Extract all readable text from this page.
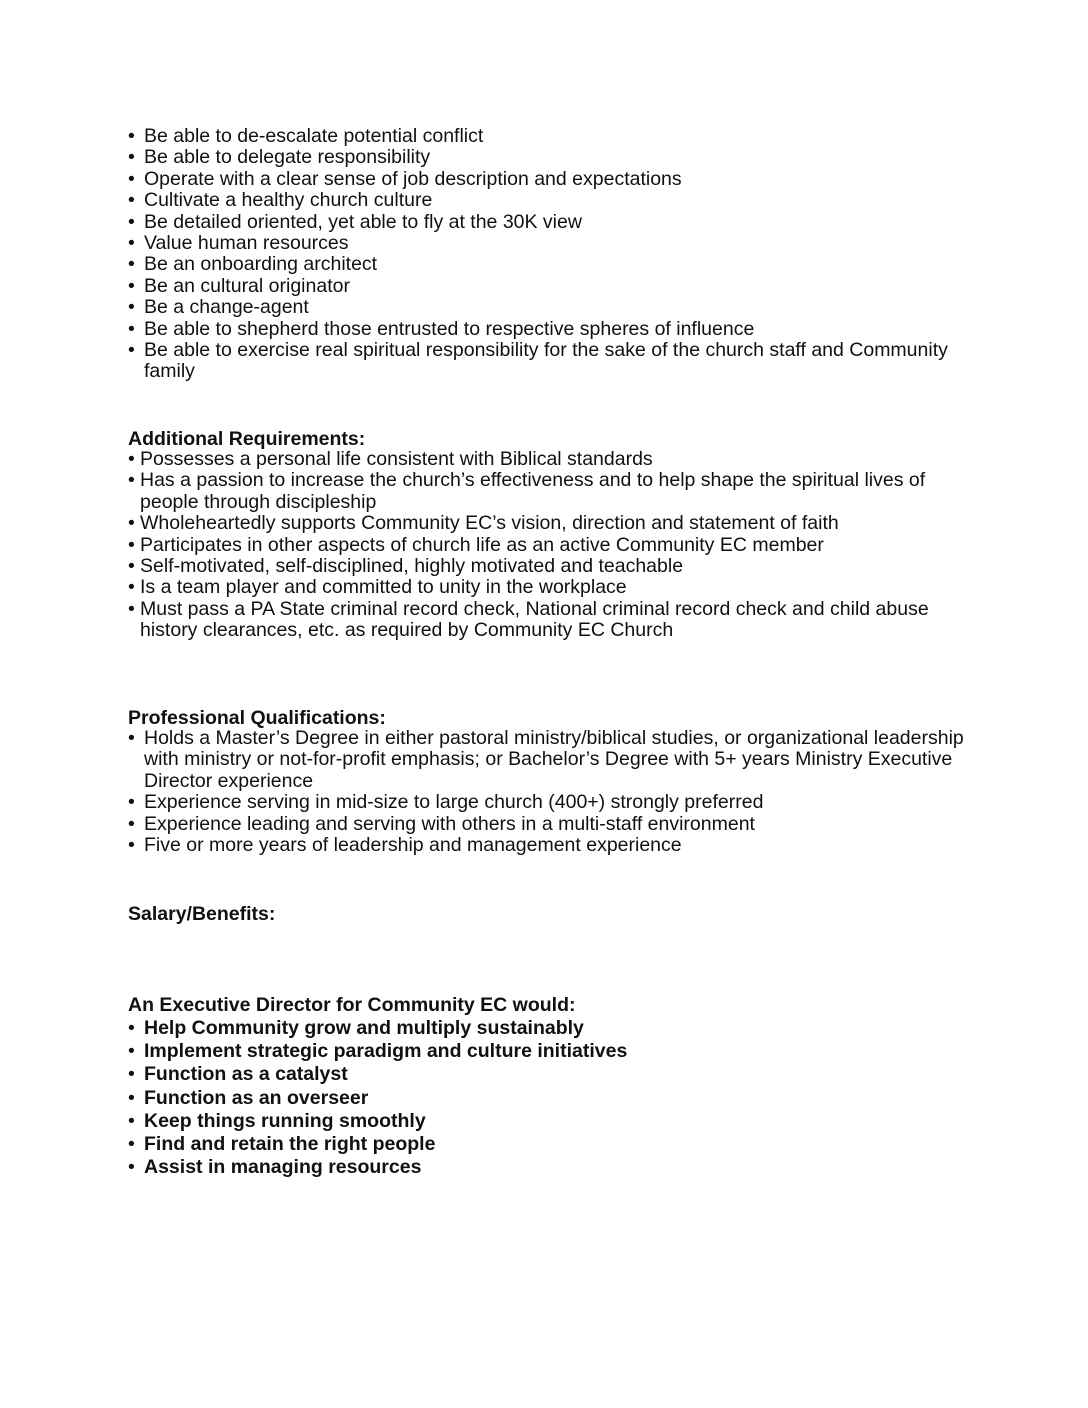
• Be able to de-escalate potential conflict
• Be able to delegate responsibility
• Operate with a clear sense of job description and expectations
• Cultivate a healthy church culture
• Be detailed oriented, yet able to fly at the 30K view
• Value human resources
• Be an onboarding architect
• Be an cultural originator
• Be a change-agent
• Be able to shepherd those entrusted to respective spheres of influence
• Be able to exercise real spiritual responsibility for the sake of the church staff and Community family
Additional Requirements:
• Possesses a personal life consistent with Biblical standards
• Has a passion to increase the church’s effectiveness and to help shape the spiritual lives of people through discipleship
• Wholeheartedly supports Community EC’s vision, direction and statement of faith
• Participates in other aspects of church life as an active Community EC member
• Self-motivated, self-disciplined, highly motivated and teachable
• Is a team player and committed to unity in the workplace
• Must pass a PA State criminal record check, National criminal record check and child abuse history clearances, etc. as required by Community EC Church
Professional Qualifications:
• Holds a Master’s Degree in either pastoral ministry/biblical studies, or organizational leadership with ministry or not-for-profit emphasis; or Bachelor’s Degree with 5+ years Ministry Executive Director experience
• Experience serving in mid-size to large church (400+) strongly preferred
• Experience leading and serving with others in a multi-staff environment
• Five or more years of leadership and management experience
Salary/Benefits:
An Executive Director for Community EC would:
• Help Community grow and multiply sustainably
• Implement strategic paradigm and culture initiatives
• Function as a catalyst
• Function as an overseer
• Keep things running smoothly
• Find and retain the right people
• Assist in managing resources
